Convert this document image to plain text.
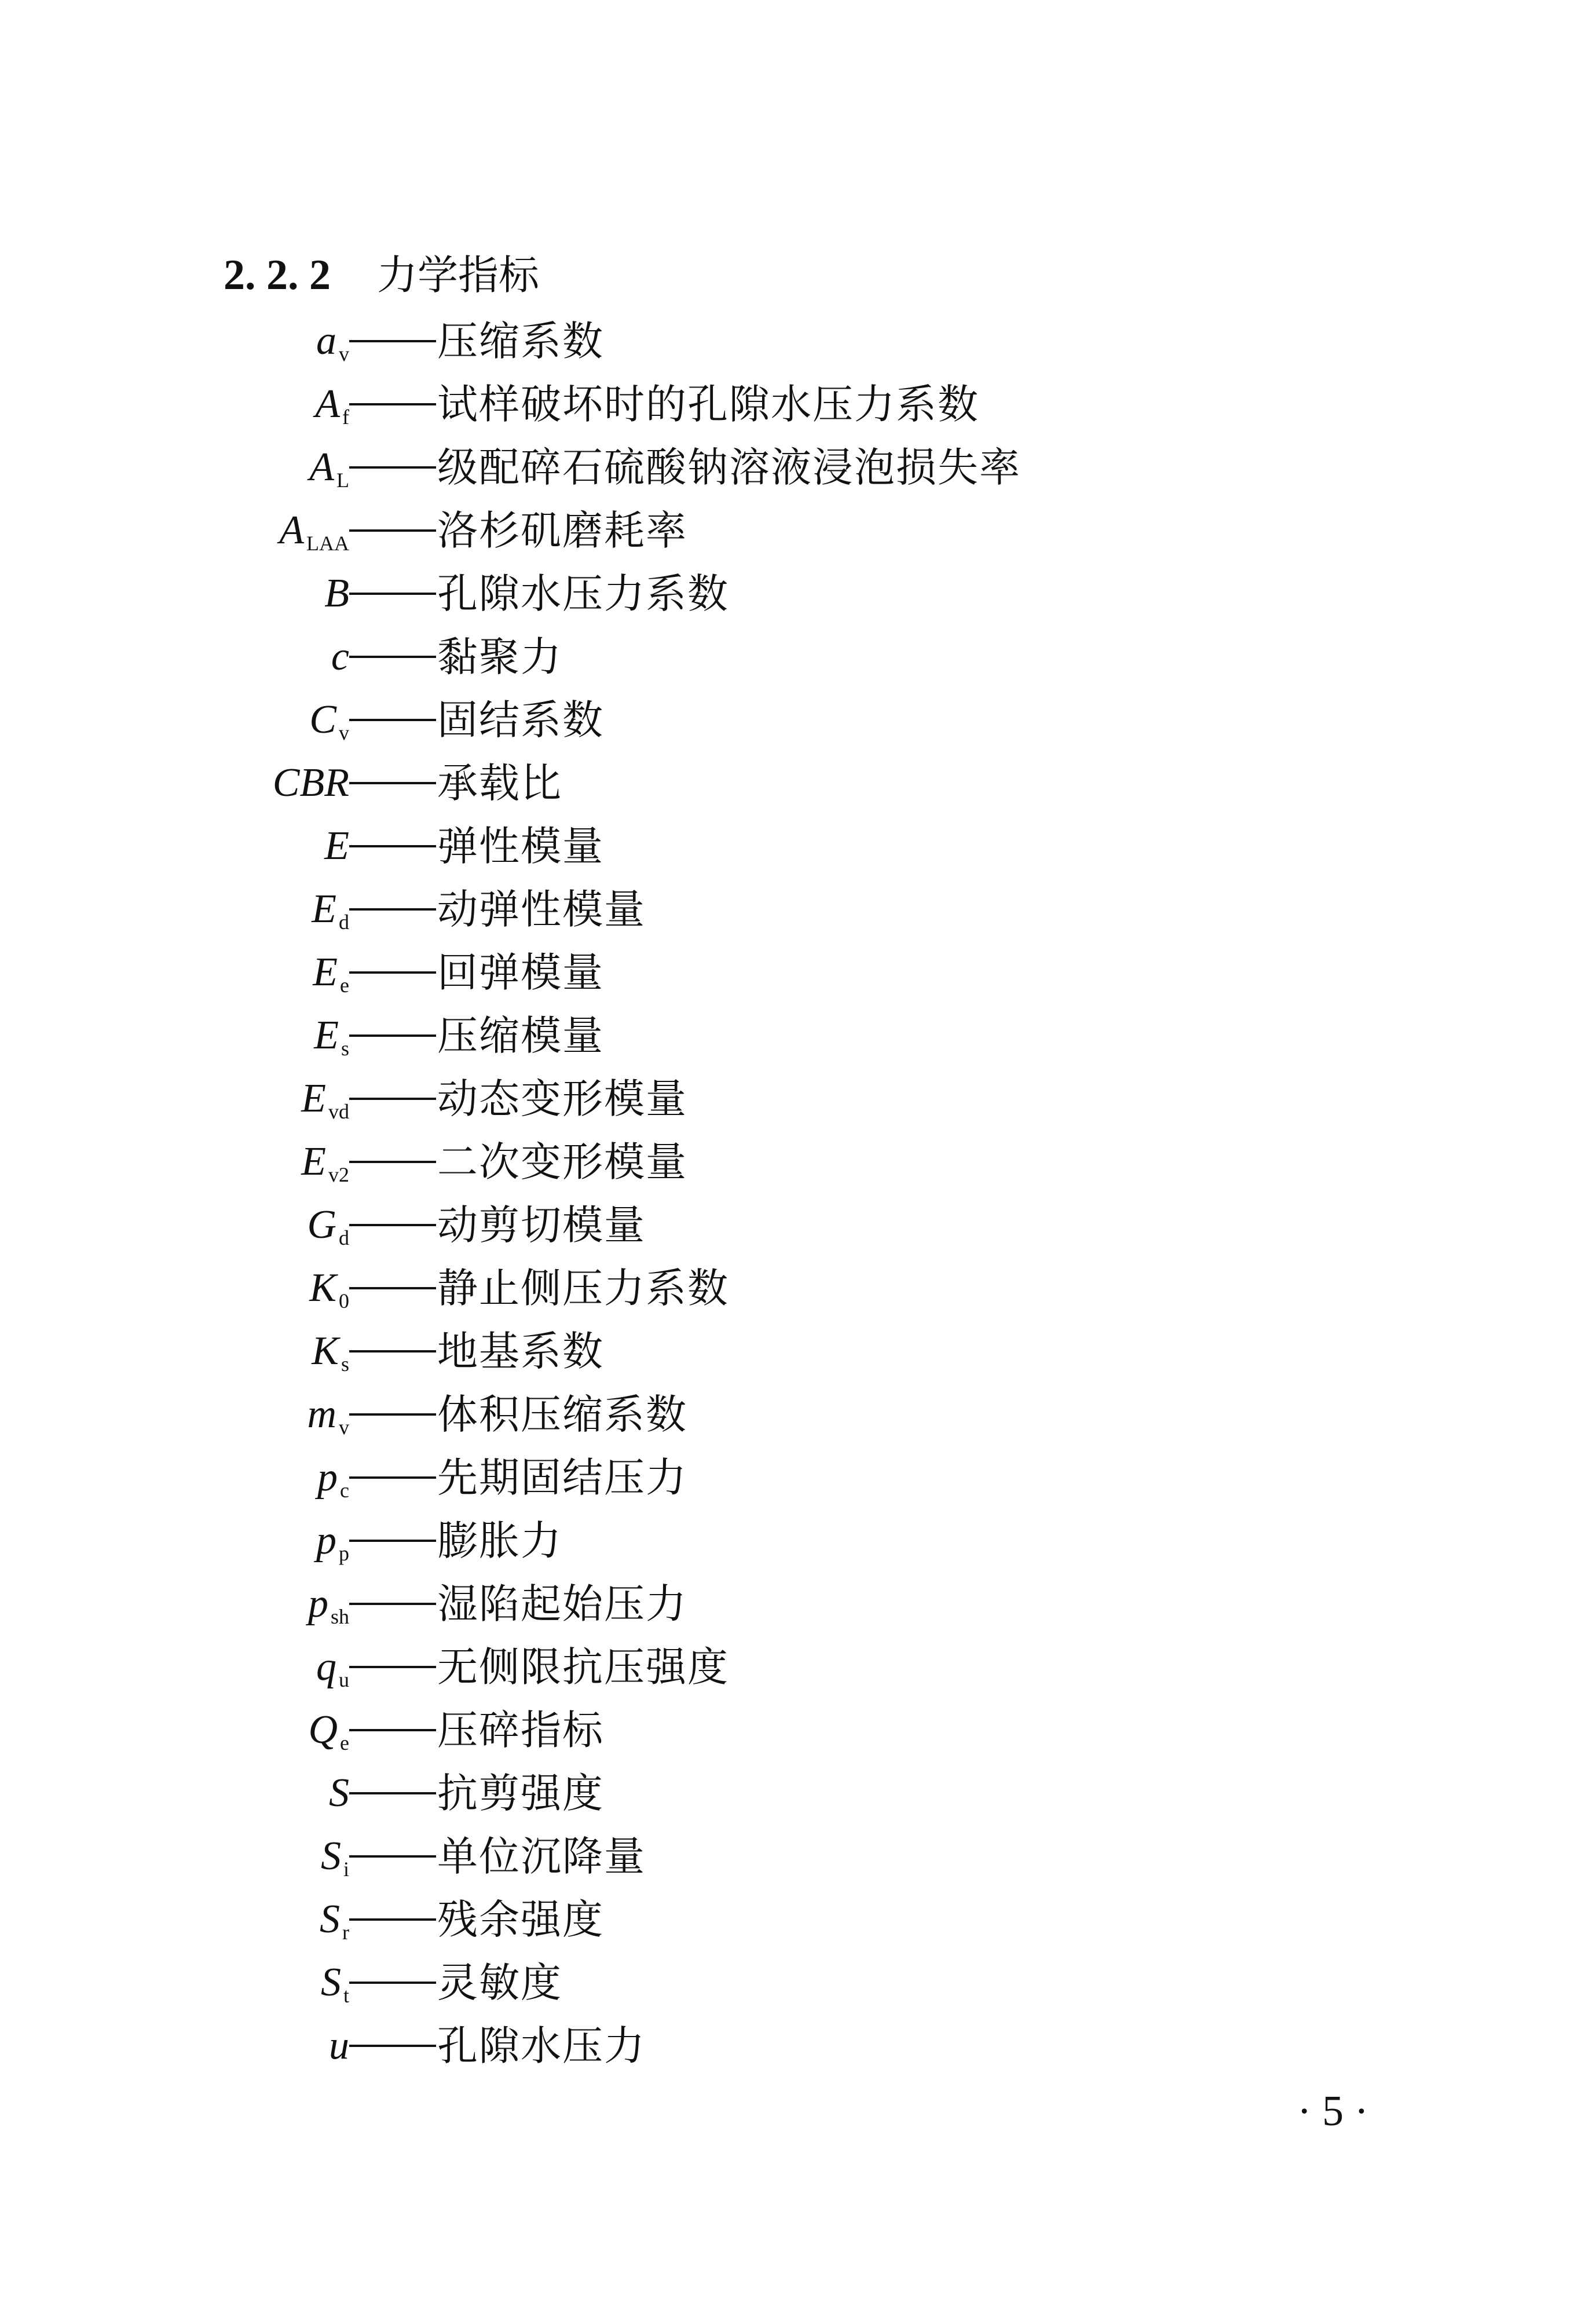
2. 2. 2 力学指标
a v 压缩系数
A f 试样破坏时的孔隙水压力系数
A L 级配碎石硫酸钠溶液浸泡损失率
A LAA 洛杉矶磨耗率
B 孔隙水压力系数
c 黏聚力
C v 固结系数
CBR 承载比
E 弹性模量
E d 动弹性模量
E e 回弹模量
E s 压缩模量
E vd 动态变形模量
E v2 二次变形模量
G d 动剪切模量
K 0 静止侧压力系数
K s 地基系数
m v 体积压缩系数
p c 先期固结压力
p p 膨胀力
p sh 湿陷起始压力
q u 无侧限抗压强度
Q e 压碎指标
S 抗剪强度
S i 单位沉降量
S r 残余强度
S t 灵敏度
u 孔隙水压力
· 5 ·
